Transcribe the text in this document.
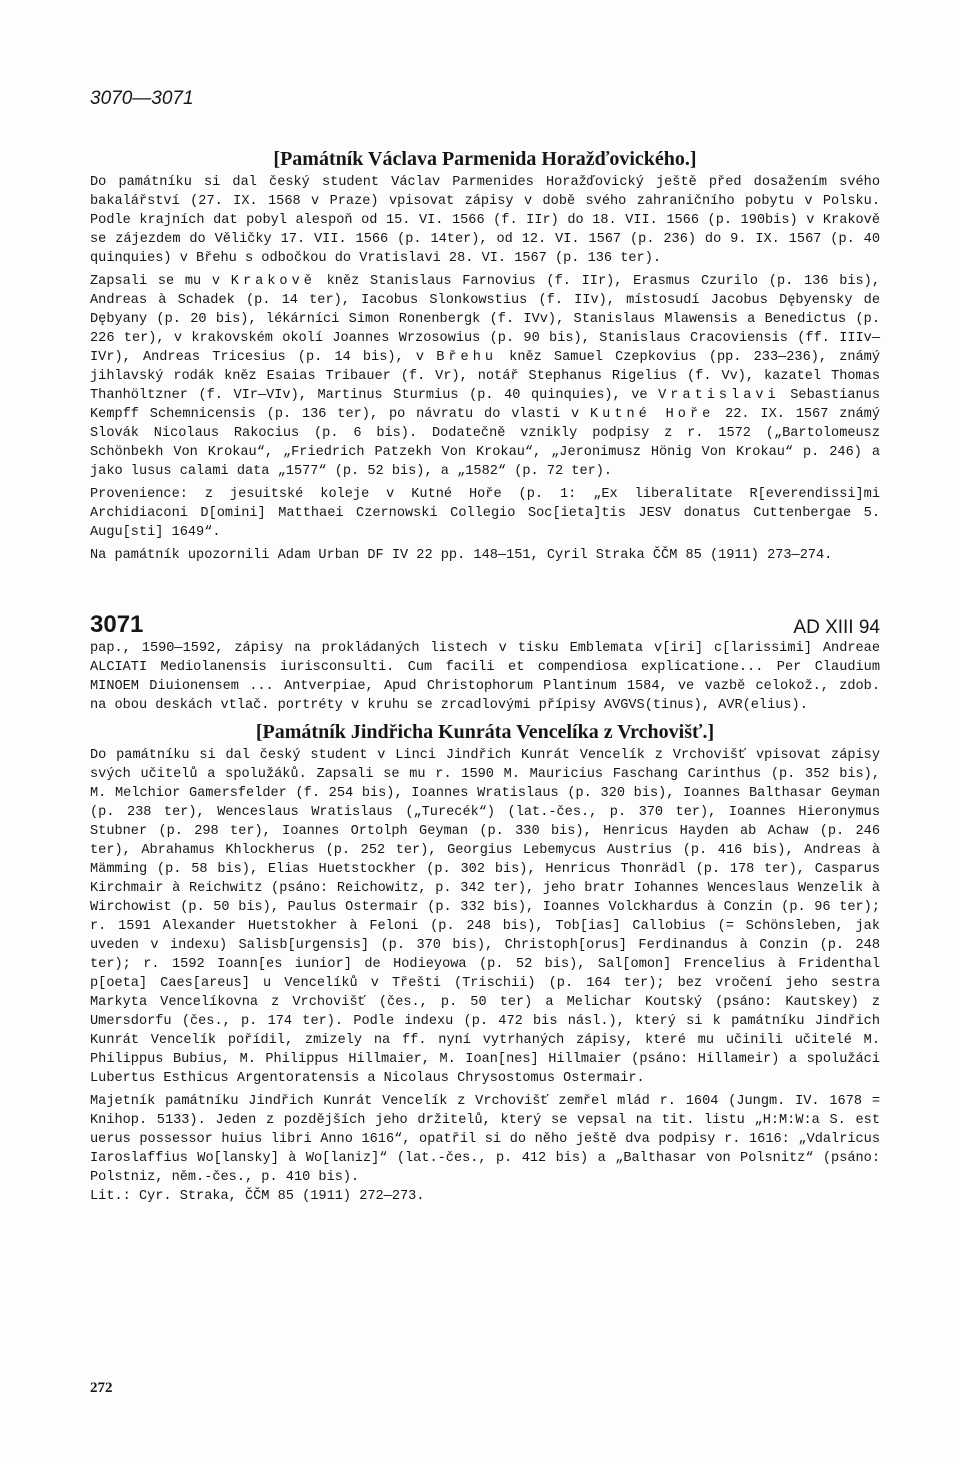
3070—3071
[Památník Václava Parmenida Horažďovického.]

Do památníku si dal český student Václav Parmenides Horažďovický ještě před dosažením svého bakalářství (27. IX. 1568 v Praze) vpisovat zápisy v době svého zahraničního pobytu v Polsku. Podle krajních dat pobyl alespoň od 15. VI. 1566 (f. IIr) do 18. VII. 1566 (p. 190bis) v Krakově se zájezdem do Věličky 17. VII. 1566 (p. 14ter), od 12. VI. 1567 (p. 236) do 9. IX. 1567 (p. 40 quinquies) v Břehu s odbočkou do Vratislavi 28. VI. 1567 (p. 136 ter).

Zapsali se mu v Krakově kněz Stanislaus Farnovius (f. IIr), Erasmus Czurilo (p. 136 bis), Andreas à Schadek (p. 14 ter), Iacobus Slonkowstius (f. IIv), místosudí Jacobus Dębyensky de Dębyany (p. 20 bis), lékárníci Simon Ronenbergk (f. IVv), Stanislaus Mlawensis a Benedictus (p. 226 ter), v krakovském okolí Joannes Wrzosowius (p. 90 bis), Stanislaus Cracoviensis (ff. IIIv—IVr), Andreas Tricesius (p. 14 bis), v Břehu kněz Samuel Czepkovius (pp. 233—236), známý jihlavský rodák kněz Esaias Tribauer (f. Vr), notář Stephanus Rigelius (f. Vv), kazatel Thomas Thanhöltzner (f. VIr—VIv), Martinus Sturmius (p. 40 quinquies), ve Vratislavi Sebastianus Kempff Schemnicensis (p. 136 ter), po návratu do vlasti v Kutné Hoře 22. IX. 1567 známý Slovák Nicolaus Rakocius (p. 6 bis). Dodatečně vznikly podpisy z r. 1572 („Bartolomeusz Schönbekh Von Krokau“, „Friedrich Patzekh Von Krokau“, „Jeronimusz Hönig Von Krokau“ p. 246) a jako lusus calami data „1577“ (p. 52 bis), a „1582“ (p. 72 ter).

Provenience: z jesuitské koleje v Kutné Hoře (p. 1: „Ex liberalitate R[everendissi]mi Archidiaconi D[omini] Matthaei Czernowski Collegio Soc[ieta]tis JESV donatus Cuttenbergae 5. Augu[sti] 1649“.

Na památník upozornili Adam Urban DF IV 22 pp. 148—151, Cyril Straka ČČM 85 (1911) 273—274.

3071	AD XIII 94

pap., 1590—1592, zápisy na prokládaných listech v tisku Emblemata v[iri] c[larissimi] Andreae ALCIATI Mediolanensis iurisconsulti. Cum facili et compendiosa explicatione... Per Claudium MINOEM Diuionensem ... Antverpiae, Apud Christophorum Plantinum 1584, ve vazbě celokož., zdob. na obou deskách vtlač. portréty v kruhu se zrcadlovými přípisy AVGVS(tinus), AVR(elius).

[Památník Jindřicha Kunráta Vencelíka z Vrchovišť.]

Do památníku si dal český student v Linci Jindřich Kunrát Vencelík z Vrchovišť vpisovat zápisy svých učitelů a spolužáků. Zapsali se mu r. 1590 M. Mauricius Faschang Carinthus (p. 352 bis), M. Melchior Gamersfelder (f. 254 bis), Ioannes Wratislaus (p. 320 bis), Ioannes Balthasar Geyman (p. 238 ter), Wenceslaus Wratislaus („Turecék“) (lat.-čes., p. 370 ter), Ioannes Hieronymus Stubner (p. 298 ter), Ioannes Ortolph Geyman (p. 330 bis), Henricus Hayden ab Achaw (p. 246 ter), Abrahamus Khlockherus (p. 252 ter), Georgius Lebemycus Austrius (p. 416 bis), Andreas à Mämming (p. 58 bis), Elias Huetstockher (p. 302 bis), Henricus Thonrädl (p. 178 ter), Casparus Kirchmair à Reichwitz (psáno: Reichowitz, p. 342 ter), jeho bratr Iohannes Wenceslaus Wenzelik à Wirchowist (p. 50 bis), Paulus Ostermair (p. 332 bis), Ioannes Volckhardus à Conzin (p. 96 ter); r. 1591 Alexander Huetstokher à Feloni (p. 248 bis), Tob[ias] Callobius (= Schönsleben, jak uveden v indexu) Salisb[urgensis] (p. 370 bis), Christoph[orus] Ferdinandus à Conzin (p. 248 ter); r. 1592 Ioann[es iunior] de Hodieyowa (p. 52 bis), Sal[omon] Frencelius à Fridenthal p[oeta] Caes[areus] u Vencelíků v Třešti (Trischii) (p. 164 ter); bez vročení jeho sestra Markyta Vencelíkovna z Vrchovišť (čes., p. 50 ter) a Melichar Koutský (psáno: Kautskey) z Umersdorfu (čes., p. 174 ter). Podle indexu (p. 472 bis násl.), který si k památníku Jindřich Kunrát Vencelík pořídil, zmizely na ff. nyní vytrhaných zápisy, které mu učinili učitelé M. Philippus Bubius, M. Philippus Hillmaier, M. Ioan[nes] Hillmaier (psáno: Hillameir) a spolužáci Lubertus Esthicus Argentoratensis a Nicolaus Chrysostomus Ostermair.

Majetník památníku Jindřich Kunrát Vencelík z Vrchovišť zemřel mlád r. 1604 (Jungm. IV. 1678 = Knihop. 5133). Jeden z pozdějších jeho držitelů, který se vepsal na tit. listu „H:M:W:a S. est uerus possessor huius libri Anno 1616“, opatřil si do něho ještě dva podpisy r. 1616: „Vdalricus Iaroslaffius Wo[lansky] à Wo[laniz]“ (lat.-čes., p. 412 bis) a „Balthasar von Polsnitz“ (psáno: Polstniz, něm.-čes., p. 410 bis).

Lit.: Cyr. Straka, ČČM 85 (1911) 272—273.

272
